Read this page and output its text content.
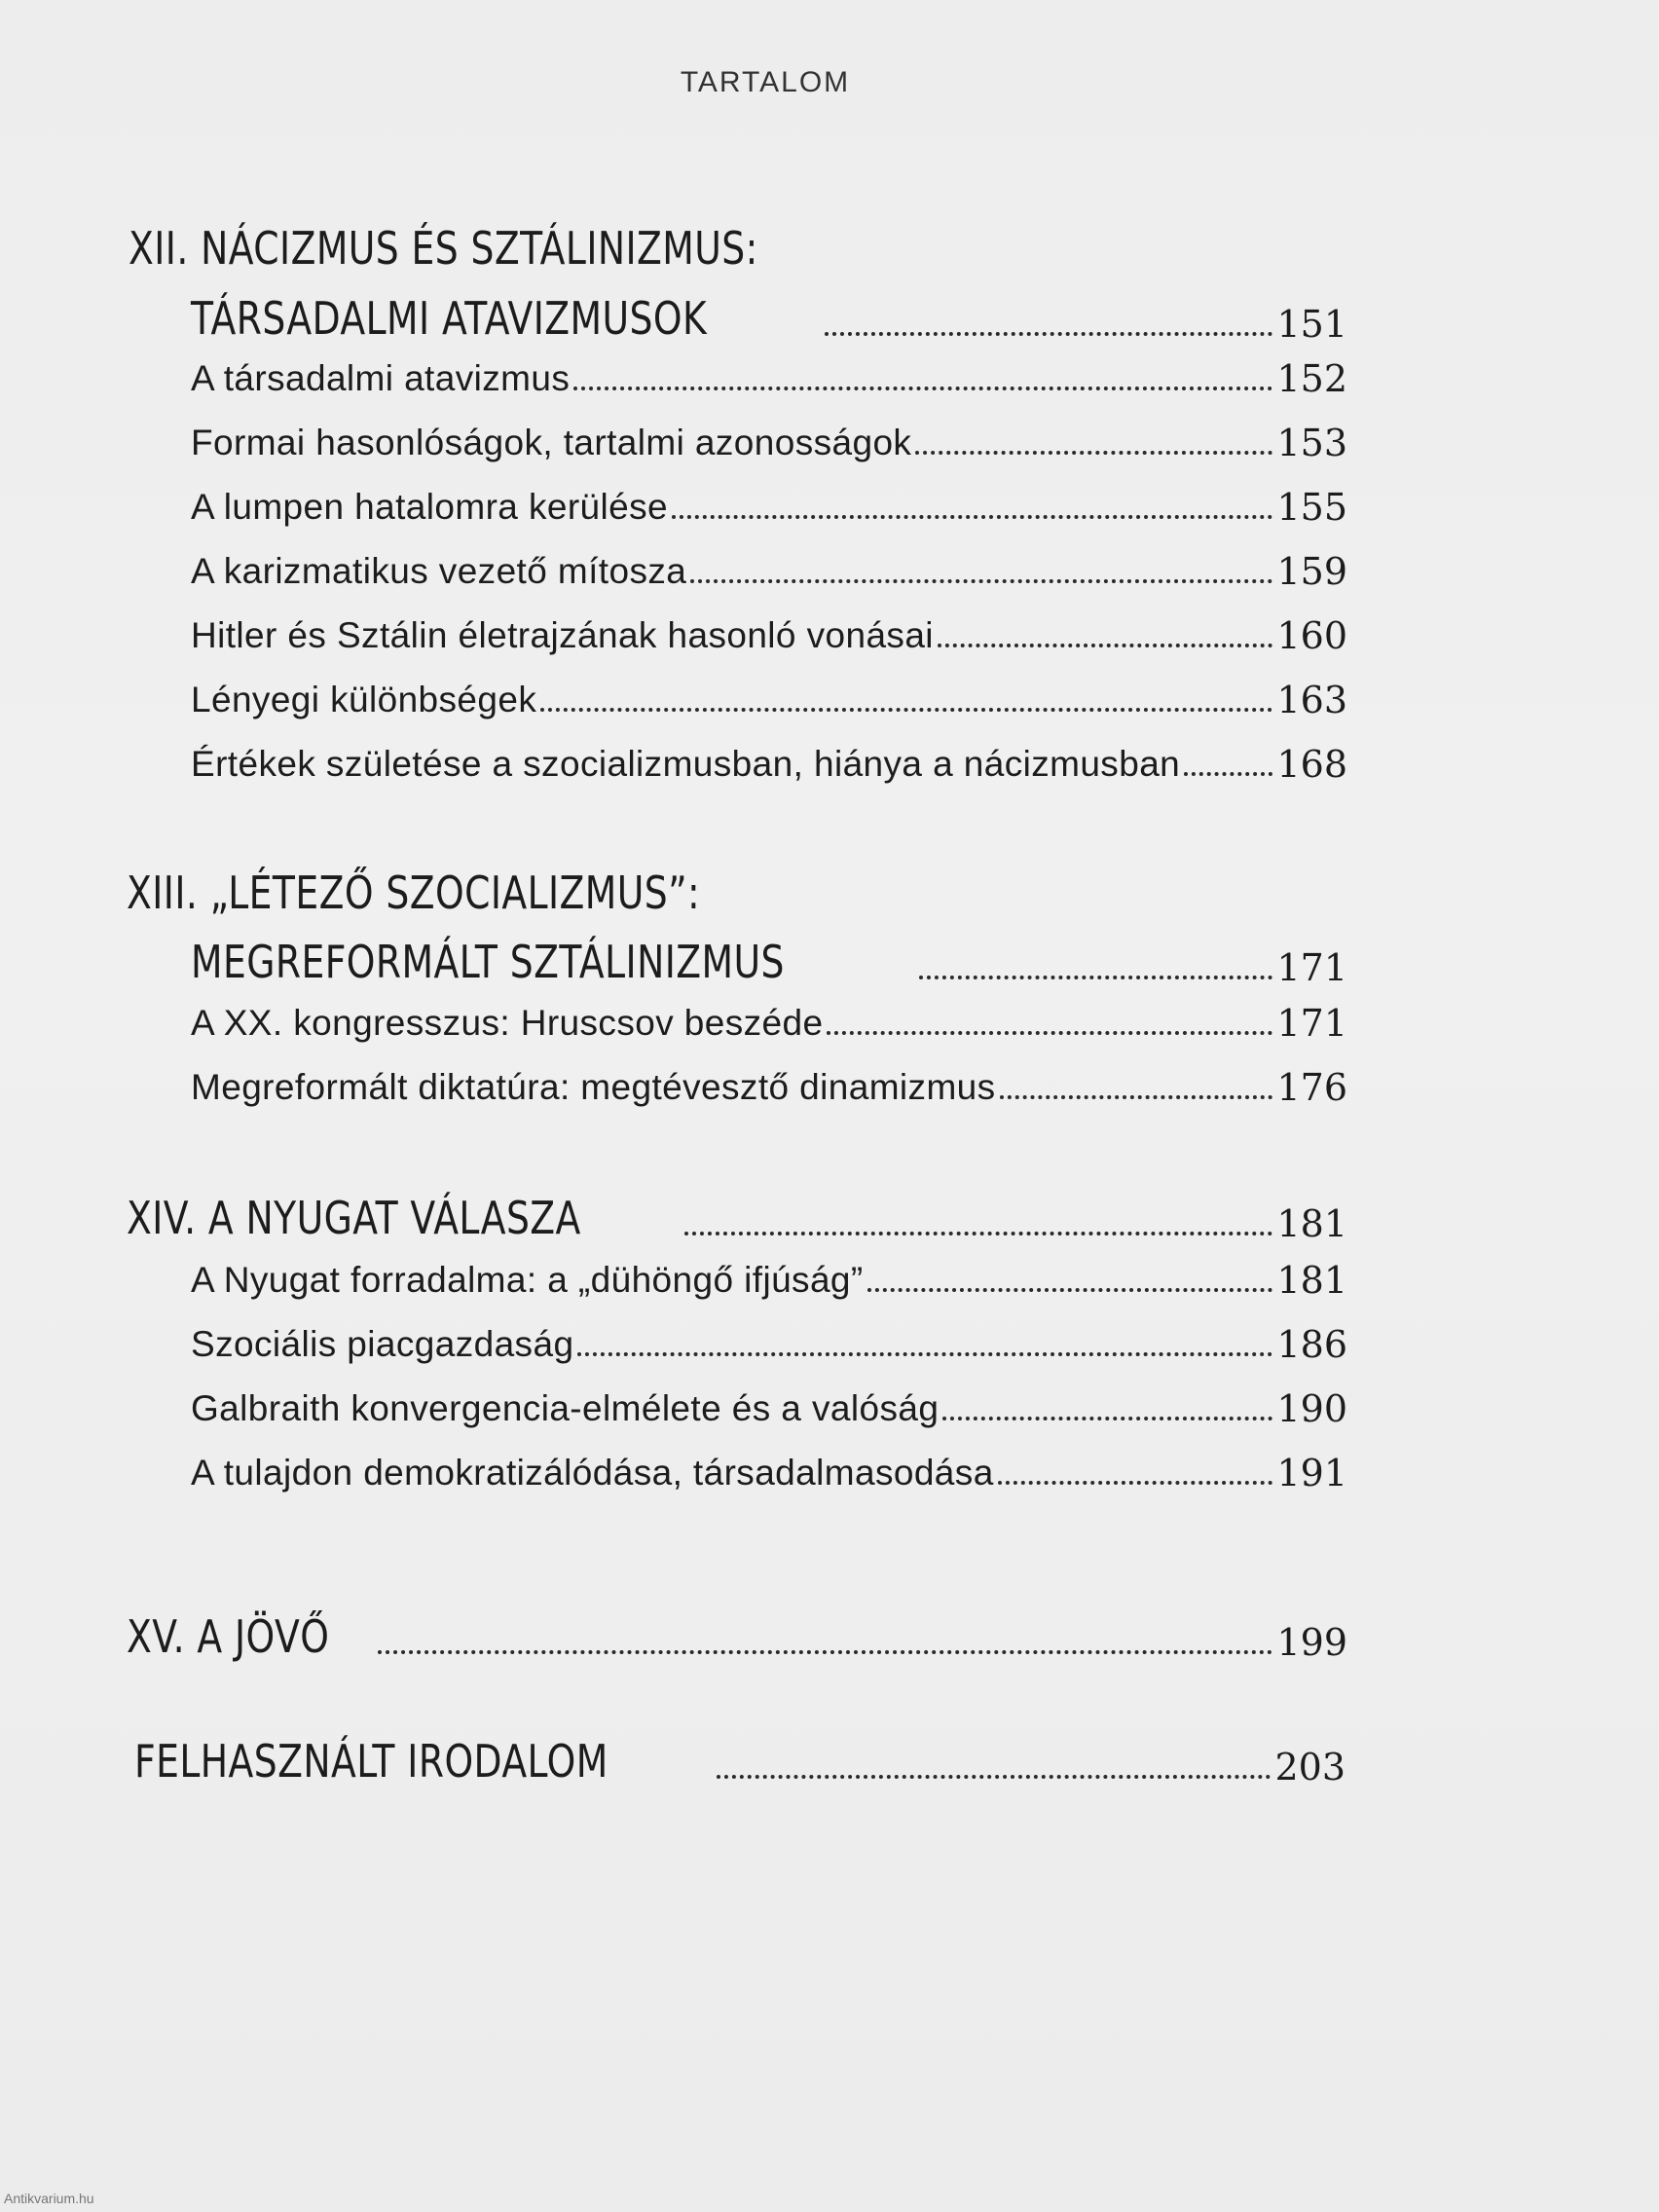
TARTALOM
XII. NÁCIZMUS ÉS SZTÁLINIZMUS:
TÁRSADALMI ATAVIZMUSOK	151
A társadalmi atavizmus	152
Formai hasonlóságok, tartalmi azonosságok	153
A lumpen hatalomra kerülése	155
A karizmatikus vezető mítosza	159
Hitler és Sztálin életrajzának hasonló vonásai	160
Lényegi különbségek	163
Értékek születése a szocializmusban, hiánya a nácizmusban	168
XIII. „LÉTEZŐ SZOCIALIZMUS”:
MEGREFORMÁLT SZTÁLINIZMUS	171
A XX. kongresszus: Hruscsov beszéde	171
Megreformált diktatúra: megtévesztő dinamizmus	176
XIV. A NYUGAT VÁLASZA	181
A Nyugat forradalma: a „dühöngő ifjúság”	181
Szociális piacgazdaság	186
Galbraith konvergencia-elmélete és a valóság	190
A tulajdon demokratizálódása, társadalmasodása	191
XV. A JÖVŐ	199
FELHASZNÁLT IRODALOM	203
Antikvarium.hu
